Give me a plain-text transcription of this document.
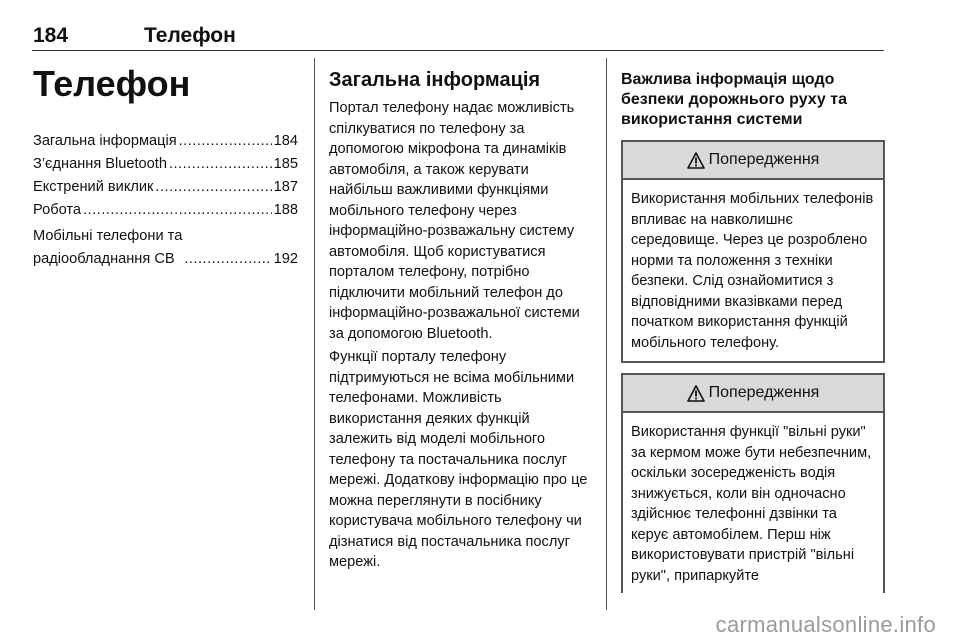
184	Телефон
Телефон
Загальна інформація .....	184
З’єднання Bluetooth .....	185
Екстрений виклик .....	187
Робота .....	188
Мобільні телефони та
радіообладнання CB .....	192
Загальна інформація

Портал телефону надає можливість спілкуватися по телефону за допомогою мікрофона та динаміків автомобіля, а також керувати найбільш важливими функціями мобільного телефону через інформаційно-розважальну систему автомобіля. Щоб користуватися порталом телефону, потрібно підключити мобільний телефон до інформаційно-розважальної системи за допомогою Bluetooth.

Функції порталу телефону підтримуються не всіма мобільними телефонами. Можливість використання деяких функцій залежить від моделі мобільного телефону та постачальника послуг мережі. Додаткову інформацію про це можна переглянути в посібнику користувача мобільного телефону чи дізнатися від постачальника послуг мережі.

Важлива інформація щодо безпеки дорожнього руху та використання системи
Попередження
Використання мобільних телефонів впливає на навколишнє середовище. Через це розроблено норми та положення з техніки безпеки. Слід ознайомитися з відповідними вказівками перед початком використання функцій мобільного телефону.
Попередження
Використання функції "вільні руки" за кермом може бути небезпечним, оскільки зосередженість водія знижується, коли він одночасно здійснює телефонні дзвінки та керує автомобілем. Перш ніж використовувати пристрій "вільні руки", припаркуйте
carmanualsonline.info
